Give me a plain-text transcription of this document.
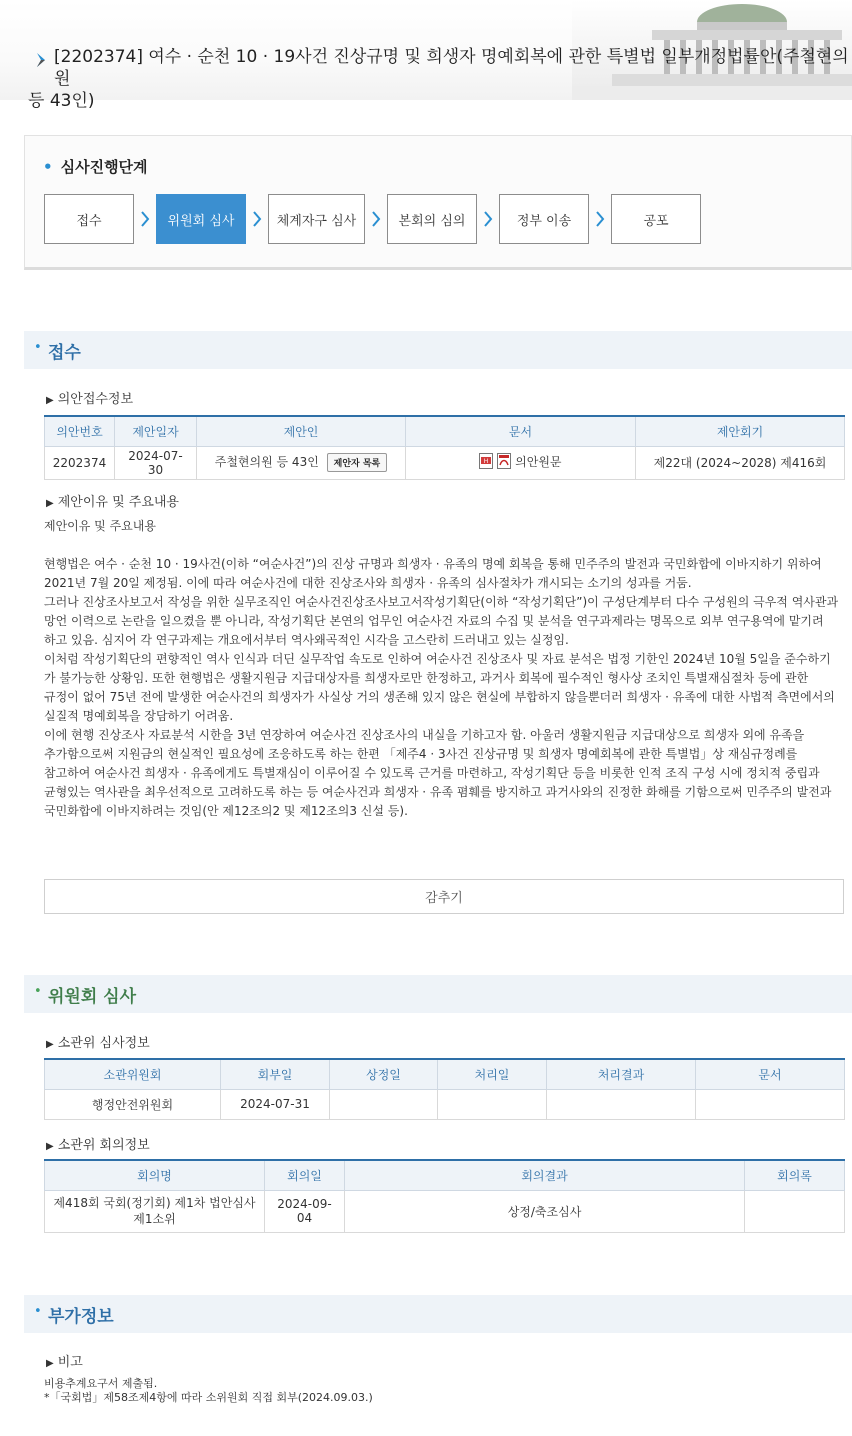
[2202374] 여수 · 순천 10 · 19사건 진상규명 및 희생자 명예회복에 관한 특별법 일부개정법률안(주철현의원
등 43인)
• 심사진행단계
접수	위원회 심사	체계자구 심사	본회의 심의	정부 이송	공포
• 접수
▶ 의안접수정보
의안번호	제안일자	제안인	문서	제안회기
2202374	2024-07-30	주철현의원 등 43인 제안자 목록	H 의안원문	제22대 (2024~2028) 제416회
▶ 제안이유 및 주요내용
제안이유 및 주요내용
현행법은 여수 · 순천 10 · 19사건(이하 “여순사건”)의 진상 규명과 희생자 · 유족의 명예 회복을 통해 민주주의 발전과 국민화합에 이바지하기 위하여 2021년 7월 20일 제정됨. 이에 따라 여순사건에 대한 진상조사와 희생자 · 유족의 심사절차가 개시되는 소기의 성과를 거둠.
그러나 진상조사보고서 작성을 위한 실무조직인 여순사건진상조사보고서작성기획단(이하 “작성기획단”)이 구성단계부터 다수 구성원의 극우적 역사관과 망언 이력으로 논란을 일으켰을 뿐 아니라, 작성기획단 본연의 업무인 여순사건 자료의 수집 및 분석을 연구과제라는 명목으로 외부 연구용역에 맡기려 하고 있음. 심지어 각 연구과제는 개요에서부터 역사왜곡적인 시각을 고스란히 드러내고 있는 실정임.
이처럼 작성기획단의 편향적인 역사 인식과 더딘 실무작업 속도로 인하여 여순사건 진상조사 및 자료 분석은 법정 기한인 2024년 10월 5일을 준수하기 가 불가능한 상황임. 또한 현행법은 생활지원금 지급대상자를 희생자로만 한정하고, 과거사 회복에 필수적인 형사상 조치인 특별재심절차 등에 관한 규정이 없어 75년 전에 발생한 여순사건의 희생자가 사실상 거의 생존해 있지 않은 현실에 부합하지 않을뿐더러 희생자 · 유족에 대한 사법적 측면에서의 실질적 명예회복을 장담하기 어려움.
이에 현행 진상조사 자료분석 시한을 3년 연장하여 여순사건 진상조사의 내실을 기하고자 함. 아울러 생활지원금 지급대상으로 희생자 외에 유족을 추가함으로써 지원금의 현실적인 필요성에 조응하도록 하는 한편 「제주4 · 3사건 진상규명 및 희생자 명예회복에 관한 특별법」상 재심규정례를 참고하여 여순사건 희생자 · 유족에게도 특별재심이 이루어질 수 있도록 근거를 마련하고, 작성기획단 등을 비롯한 인적 조직 구성 시에 정치적 중립과 균형있는 역사관을 최우선적으로 고려하도록 하는 등 여순사건과 희생자 · 유족 폄훼를 방지하고 과거사와의 진정한 화해를 기함으로써 민주주의 발전과 국민화합에 이바지하려는 것임(안 제12조의2 및 제12조의3 신설 등).
감추기
• 위원회 심사
▶ 소관위 심사정보
소관위원회	회부일	상정일	처리일	처리결과	문서
행정안전위원회	2024-07-31				
▶ 소관위 회의정보
회의명	회의일	회의결과	회의록
제418회 국회(정기회) 제1차 법안심사제1소위	2024-09-04	상정/축조심사	
• 부가정보
▶ 비고
비용추계요구서 제출됨.
*「국회법」제58조제4항에 따라 소위원회 직접 회부(2024.09.03.)
